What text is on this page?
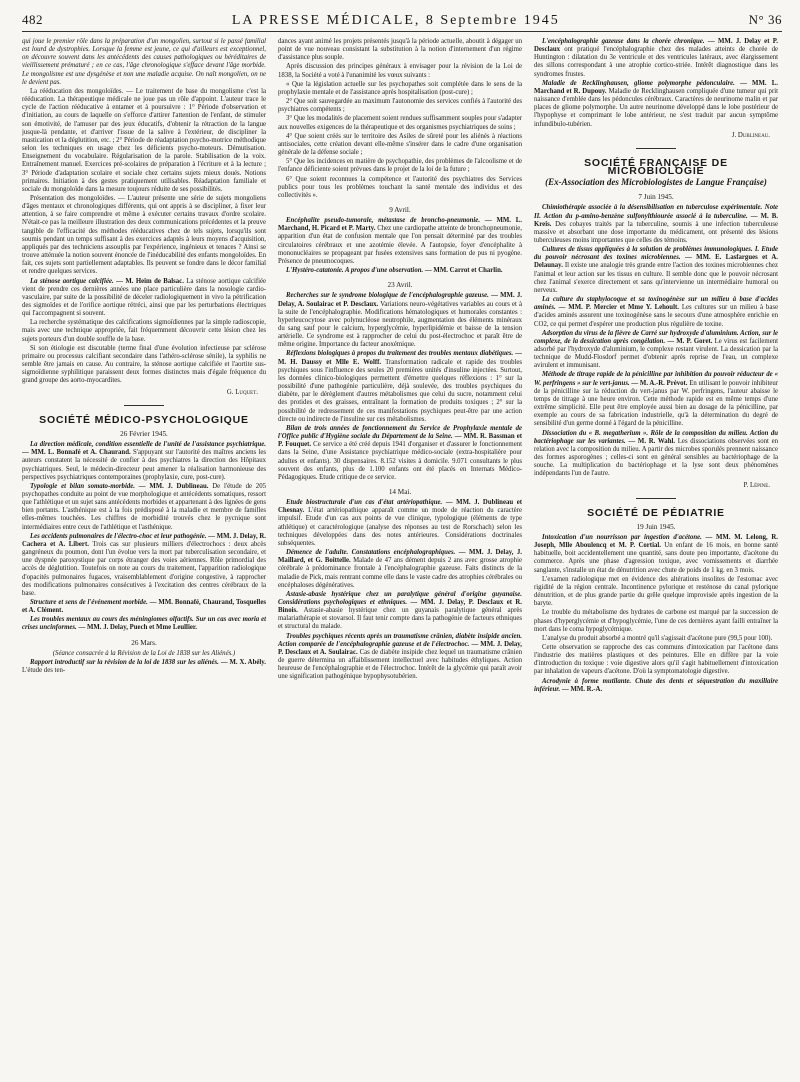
482	LA PRESSE MÉDICALE, 8 Septembre 1945	N° 36

qui joue le premier rôle dans la préparation d'un mongolien, surtout si le passé familial est lourd de dystrophies. Lorsque la femme est jeune, ce qui d'ailleurs est exceptionnel, on découvre souvent dans les antécédents des causes pathologiques ou héréditaires de vieillissement prématuré ; en ce cas, l'âge chronologique s'efface devant l'âge morbide. Le mongolisme est une dysgénèse et non une maladie acquise. On naît mongolien, on ne le devient pas.

La rééducation des mongoloïdes. — Le traitement de base du mongolisme c'est la rééducation. La thérapeutique médicale ne joue pas un rôle d'appoint. L'auteur trace le cycle de l'action rééducative à entamer et à poursuivre : 1° Période d'observation et d'initiation, au cours de laquelle on s'efforce d'attirer l'attention de l'enfant, de stimuler son émotivité, de l'amuser par des jeux éducatifs, d'obtenir la rétraction de la langue jusque-là pendante, et d'arriver l'issue de la salive à l'extérieur, de discipliner la mastication et la déglutition, etc. ; 2° Période de réadaptation psycho-motrice méthodique selon les techniques en usage chez les déficients psycho-moteurs. Démutisation. Enseignement du vocabulaire. Régularisation de la parole. Stabilisation de la voix. Entraînement manuel. Exercices pré-scolaires de préparation à l'écriture et à la lecture ; 3° Période d'adaptation scolaire et sociale chez certains sujets mieux doués. Notions primaires. Initiation à des gestes pratiquement utilisables. Réadaptation familiale et sociale du mongoloïde dans la mesure toujours réduite de ses possibilités.

Présentation des mongoloïdes. — L'auteur présente une série de sujets mongoliens d'âges mentaux et chronologiques différents, qui ont appris à se discipliner, à fixer leur attention, à se faire comprendre et même à exécuter certains travaux d'ordre scolaire. N'était-ce pas la meilleure illustration des deux communications précédentes et la preuve tangible de l'efficacité des méthodes rééducatives chez de tels sujets, lorsqu'ils sont soumis pendant un temps suffisant à des exercices adaptés à leurs moyens d'acquisition, appliqués par des techniciens assouplis par l'expérience, ingénieux et tenaces ? Ainsi se trouve atténuée la notion souvent énoncée de l'inéducabilité des enfants mongoloïdes. En fait, ces sujets sont partiellement adaptables. Ils peuvent se fondre dans le décor familial et rendre quelques services.

La sténose aortique calcifiée. — M. Heim de Balsac. La sténose aortique calcifiée vient de prendre ces dernières années une place particulière dans la nosologie cardio-vasculaire, par suite de la possibilité de déceler radiologiquement in vivo la pétrification des sigmoïdes et de l'orifice aortique rétréci, ainsi que par les perturbations électriques qui l'accompagnent si souvent.

La recherche systématique des calcifications sigmoïdiennes par la simple radioscopie, mais avec une technique appropriée, fait fréquemment découvrir cette lésion chez les sujets porteurs d'un double souffle de la base.

Si son étiologie est discutable (terme final d'une évolution infectieuse par sclérose primaire ou processus calcifiant secondaire dans l'athéro-sclérose sénile), la syphilis ne semble être jamais en cause. Au contraire, la sténose aortique calcifiée et l'aortite sus-sigmoïdienne syphilitique paraissent deux formes distinctes mais d'égale fréquence du grand groupe des aorto-myocardites.

G. Luquet.
SOCIÉTÉ MÉDICO-PSYCHOLOGIQUE
26 Février 1945.

La direction médicale, condition essentielle de l'unité de l'assistance psychiatrique. — MM. L. Bonnafé et A. Chaurand. S'appuyant sur l'autorité des maîtres anciens les auteurs constatent la nécessité de confier à des psychiatres la direction des Hôpitaux psychiatriques. Seul, le médecin-directeur peut amener la réalisation harmonieuse des perspectives psychiatriques contemporaines (prophylaxie, cure, post-cure).

Typologie et bilan somato-morbide. — MM. J. Dublineau. De l'étude de 205 psychopathes conduite au point de vue morphologique et antécédents somatiques, ressort que l'athlétique et un sujet sans antécédents morbides et appartenant à des lignées de gens bien portants. L'asthénique est à la fois prédisposé à la maladie et membre de familles elles-mêmes touchées. Les chiffres de morbidité trouvés chez le pycnique sont intermédiaires entre ceux de l'athlétique et l'asthénique.

Les accidents pulmonaires de l'électro-choc et leur pathogénie. — MM. J. Delay, R. Cachera et A. Libert. Trois cas sur plusieurs milliers d'électrochocs : deux abcès gangréneux du poumon, dont l'un évolue vers la mort par tuberculisation secondaire, et une dyspnée paroxystique par corps étranger des voies aériennes. Rôle primordial des accès de déglutition. Toutefois on note au cours du traitement, l'apparition radiologique d'opacités pulmonaires fugaces, vraisemblablement d'origine congestive, à rapprocher des modifications pulmonaires consécutives à l'excitation des centres cérébraux de la base.

Structure et sens de l'événement morbide. — MM. Bonnafé, Chaurand, Tosquelles et A. Clément.

Les troubles mentaux au cours des méningiomes olfactifs. Sur un cas avec moria et crises uncinformes. — MM. J. Delay, Puech et Mme Leullier.

26 Mars.

(Séance consacrée à la Révision de la Loi de 1838 sur les Aliénés.)

Rapport introductif sur la révision de la loi de 1838 sur les aliénés. — M. X. Abély. L'étude des ten-

dances ayant animé les projets présentés jusqu'à la période actuelle, aboutit à dégager un point de vue nouveau consistant la substitution à la notion d'internement d'un régime d'assistance plus souple.

Après discussion des principes généraux à envisager pour la révision de la Loi de 1838, la Société a voté à l'unanimité les vœux suivants :

« Que la législation actuelle sur les psychopathes soit complétée dans le sens de la prophylaxie mentale et de l'assistance après hospitalisation (post-cure) ;

2° Que soit sauvegardée au maximum l'autonomie des services confiés à l'autorité des psychiatres compétents ;

3° Que les modalités de placement soient rendues suffisamment souples pour s'adapter aux nouvelles exigences de la thérapeutique et des organismes psychiatriques de soins ;

4° Que soient créés sur le territoire des Asiles de sûreté pour les aliénés à réactions antisociales, cette création devant elle-même s'insérer dans le cadre d'une organisation générale de la défense sociale ;

5° Que les incidences en matière de psychopathie, des problèmes de l'alcoolisme et de l'enfance déficiente soient prévues dans le projet de la loi de la future ;

6° Que soient reconnues la compétence et l'autorité des psychiatres des Services publics pour tous les problèmes touchant la santé mentale des individus et des collectivités ».

9 Avril.

Encéphalite pseudo-tumorale, métastase de broncho-pneumonie. — MM. L. Marchand, H. Picard et P. Marty. Chez une cardiopathe atteinte de bronchopneumonie, apparition d'un état de confusion mentale que l'on pensait déterminé par des troubles circulatoires cérébraux et une azotémie élevée. A l'autopsie, foyer d'encéphalite à mononucléaires se propageant par fusées extensives sans formation de pus ni pyogène. Présence de pneumocoques.

L'Hystéro-catatonie. A propos d'une observation. — MM. Carrot et Charlin.

23 Avril.

Recherches sur le syndrome biologique de l'encéphalographie gazeuse. — MM. J. Delay, A. Soulairac et P. Desclaux. Variations neuro-végétatives variables au cours et à la suite de l'encéphalographie. Modifications hématologiques et humorales constantes : hyperleucocytose avec polynucléose neutrophile, augmentation des éléments minéraux du sang sauf pour le calcium, hyperglycémie, hyperlipidémie et baisse de la tension artérielle. Ce syndrome est à rapprocher de celui du post-électrochoc et paraît être de même origine. Importance du facteur anoxémique.

Réflexions biologiques à propos du traitement des troubles mentaux diabétiques. — M. H. Daussy et Mlle E. Wolff. Transformation radicale et rapide des troubles psychiques sous l'influence des seules 20 premières unités d'insuline injectées. Surtout, les données clinico-biologiques permettent d'émettre quelques réflexions : 1° sur la possibilité d'une pathogénie particulière, déjà soulevée, des troubles psychiques du diabète, par le dérèglement d'autres métabolismes que celui du sucre, notamment celui des protides et des graisses, entraînant la formation de produits toxiques ; 2° sur la possibilité de redressement de ces manifestations psychiques peut-être par une action directe ou indirecte de l'insuline sur ces métabolismes.

Bilan de trois années de fonctionnement du Service de Prophylaxie mentale de l'Office public d'Hygiène sociale du Département de la Seine. — MM. R. Bassman et P. Fouquet. Ce service a été créé depuis 1941 d'organiser et d'assurer le fonctionnement dans la Seine, d'une Assistance psychiatrique médico-sociale (extra-hospitalière pour adultes et enfants). 30 dispensaires. 8.152 visites à domicile. 9.071 consultants le plus souvent des enfants, plus de 1.100 enfants ont été placés en Internats Médico-Pédagogiques. Etude critique de ce service.

14 Mai.

Etude biostructurale d'un cas d'état artériopathique. — MM. J. Dublineau et Chesnay. L'état artériopathique apparaît comme un mode de réaction du caractère impulsif. Etude d'un cas aux points de vue clinique, typologique (éléments de type athlétique) et caractérologique (analyse des réponses au test de Rorschach) selon les techniques développées dans des notes antérieures. Considérations doctrinales subséquentes.

Démence de l'adulte. Constatations encéphalographiques. — MM. J. Delay, J. Maillard, et G. Boittelle. Malade de 47 ans dément depuis 2 ans avec grosse atrophie cérébrale à prédominance frontale à l'encéphalographie gazeuse. Faits distincts de la maladie de Pick, mais rentrant comme elle dans le vaste cadre des atrophies cérébrales ou encéphaloses dégénératives.

Astasie-abasie hystérique chez un paralytique général d'origine guyanaise. Considérations psychologiques et ethniques. — MM. J. Delay, P. Desclaux et R. Binois. Astasie-abasie hystérique chez un guyanais paralytique général après malariathérapie et stovarsol. Il faut tenir compte dans la pathogénie de facteurs ethniques et structural du malade.

Troubles psychiques récents après un traumatisme crânien, diabète insipide ancien. Action comparée de l'encéphalographie gazeuse et de l'électrochoc. — MM. J. Delay, P. Desclaux et A. Soulairac. Cas de diabète insipide chez lequel un traumatisme crânien de guerre détermina un affaiblissement intellectuel avec habitudes éthyliques. Action heureuse de l'encéphalographie et de l'électrochoc. Intérêt de la glycémie qui paraît avoir une signification pathogénique hypophysotubérien.

L'encéphalographie gazeuse dans la chorée chronique. — MM. J. Delay et P. Desclaux ont pratiqué l'encéphalographie chez des malades atteints de chorée de Huntington : dilatation du 3e ventricule et des ventricules latéraux, avec élargissement des sillons correspondant à une atrophie cortico-striée. Intérêt diagnostique dans les syndromes frustes.

Maladie de Recklinghausen, gliome polymorphe pédonculaire. — MM. L. Marchand et R. Dupouy. Maladie de Recklinghausen compliquée d'une tumeur qui prit naissance d'emblée dans les pédoncules cérébraux. Caractères de neurinome malin et par places de gliome polymorphe. Un autre neurinome développé dans le lobe postérieur de l'hypophyse et comprimant le lobe antérieur, ne s'est traduit par aucun symptôme infundibulo-tubérien.

J. Dublineau.
SOCIÉTÉ FRANÇAISE DE MICROBIOLOGIE
(Ex-Association des Microbiologistes de Langue Française)
7 Juin 1945.

Chimiothérapie associée à la désensibilisation en tuberculose expérimentale. Note II. Action du p-amino-benzène sulfonylthiourée associé à la tuberculine. — M. B. Kreis. Des cobayes traités par la tuberculine, soumis à une infection tuberculeuse massive et absorbant une dose importante du médicament, ont présenté des lésions tuberculeuses moins importantes que celles des témoins.

Cultures de tissus appliquées à la solution de problèmes immunologiques. I. Etude du pouvoir nécrosant des toxines microbiennes. — MM. E. Lasfargues et A. Delaunay. Il existe une analogie très grande entre l'action des toxines microbiennes chez l'animal et leur action sur les tissus en culture. Il semble donc que le pouvoir nécrosant chez l'animal s'exerce directement et sans qu'intervienne un intermédiaire humoral ou nerveux.

La culture du staphylocoque et sa toxinogénèse sur un milieu à base d'acides aminés. — MM. P. Mercier et Mme Y. Lehoult. Les cultures sur un milieu à base d'acides aminés assurent une toxinogénèse sans le secours d'une atmosphère enrichie en CO2, ce qui permet d'espérer une production plus régulière de toxine.

Adsorption du virus de la fièvre de Carré sur hydroxyde d'aluminium. Action, sur le complexe, de la dessication après congélation. — M. P. Goret. Le virus est facilement adsorbé par l'hydroxyde d'aluminium, le complexe restant virulent. La dessication par la technique de Mudd-Flosdorf permet d'obtenir après reprise de l'eau, un complexe avirulent et immunisant.

Méthode de titrage rapide de la pénicilline par inhibition du pouvoir réducteur de « W. perfringens » sur le vert-janus. — M. A.-R. Prévot. En utilisant le pouvoir inhibiteur de la pénicilline sur la réduction du vert-janus par W. perfringens, l'auteur abaisse le temps de titrage à une heure environ. Cette méthode rapide est en même temps d'une extrême simplicité. Elle peut être employée aussi bien au dosage de la pénicilline, par exemple au cours de sa fabrication industrielle, qu'à la détermination du degré de sensibilité d'un germe donné à l'égard de la pénicilline.

Dissociation du « B. megatherium ». Rôle de la composition du milieu. Action du bactériophage sur les variantes. — M. R. Wahl. Les dissociations observées sont en relation avec la composition du milieu. A partir des microbes sporulés prennent naissance des formes asporogènes ; celles-ci sont en général sensibles au bactériophage de la souche. La multiplication du bactériophage et la lyse sont deux phénomènes indépendants l'un de l'autre.

P. Lépine.
SOCIÉTÉ DE PÉDIATRIE
19 Juin 1945.

Intoxication d'un nourrisson par ingestion d'acétone. — MM. M. Lelong, R. Joseph, Mlle Aboulencq et M. P. Cortial. Un enfant de 16 mois, en bonne santé habituelle, boit accidentellement une quantité, sans doute peu importante, d'acétone du commerce. Après une phase d'agression toxique, avec vomissements et diarrhée sanglante, s'installe un état de dénutrition avec chute de poids de 1 kg. en 3 mois.

L'examen radiologique met en évidence des altérations insolites de l'estomac avec rigidité de la région centrale. Incontinence pylorique et resténose du canal pylorique dénutrition, et de plus grande partie du grêle quelque improvisée après ingestion de la baryte.

Le trouble du métabolisme des hydrates de carbone est marqué par la succession de phases d'hyperglycémie et d'hypoglycémie, l'une de ces dernières ayant failli entraîner la mort dans le coma hypoglycémique.

L'analyse du produit absorbé a montré qu'il s'agissait d'acétone pure (99,5 pour 100).

Cette observation se rapproche des cas communs d'intoxication par l'acétone dans l'industrie des matières plastiques et des peintures. Elle en diffère par la voie d'introduction du toxique : voie digestive alors qu'il s'agit habituellement d'intoxication par inhalation de vapeurs d'acétone. D'où la symptomatologie digestive.

Acrodynie à forme mutilante. Chute des dents et séquestration du maxillaire inférieur. — MM. R.-A.
